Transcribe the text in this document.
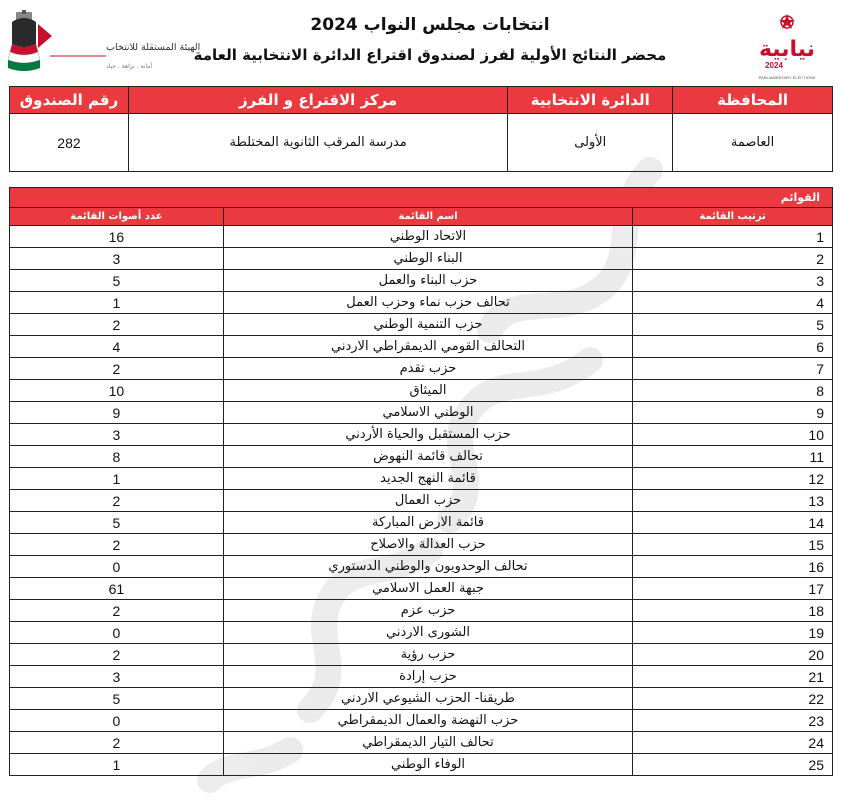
الهيئة المستقلة للانتخاب
أمانة . نزاهة . حياد
انتخابات مجلس النواب 2024
محضر النتائج الأولية لفرز لصندوق اقتراع الدائرة الانتخابية العامة	نيابية
2024
PARLIAMENTARY ELECTIONS
المحافظة	الدائرة الانتخابية	مركز الاقتراع و الفرز	رقم الصندوق
العاصمة	الأولى	مدرسة المرقب الثانوية المختلطة	282
القوائم		
ترتيب القائمة	اسم القائمة	عدد أصوات القائمة
1	الاتحاد الوطني	16
2	البناء الوطني	3
3	حزب البناء والعمل	5
4	تحالف حزب نماء وحزب العمل	1
5	حزب التنمية الوطني	2
6	التحالف القومي الديمقراطي الاردني	4
7	حزب تقدم	2
8	الميثاق	10
9	الوطني الاسلامي	9
10	حزب المستقبل والحياة الأردني	3
11	تحالف قائمة النهوض	8
12	قائمة النهج الجديد	1
13	حزب العمال	2
14	قائمة الارض المباركة	5
15	حزب العدالة والاصلاح	2
16	تحالف الوحدويون والوطني الدستوري	0
17	جبهة العمل الاسلامي	61
18	حزب عزم	2
19	الشورى الاردني	0
20	حزب رؤية	2
21	حزب إرادة	3
22	طريقنا- الحزب الشيوعي الاردني	5
23	حزب النهضة والعمال الديمقراطي	0
24	تحالف التيار الديمقراطي	2
25	الوفاء الوطني	1
